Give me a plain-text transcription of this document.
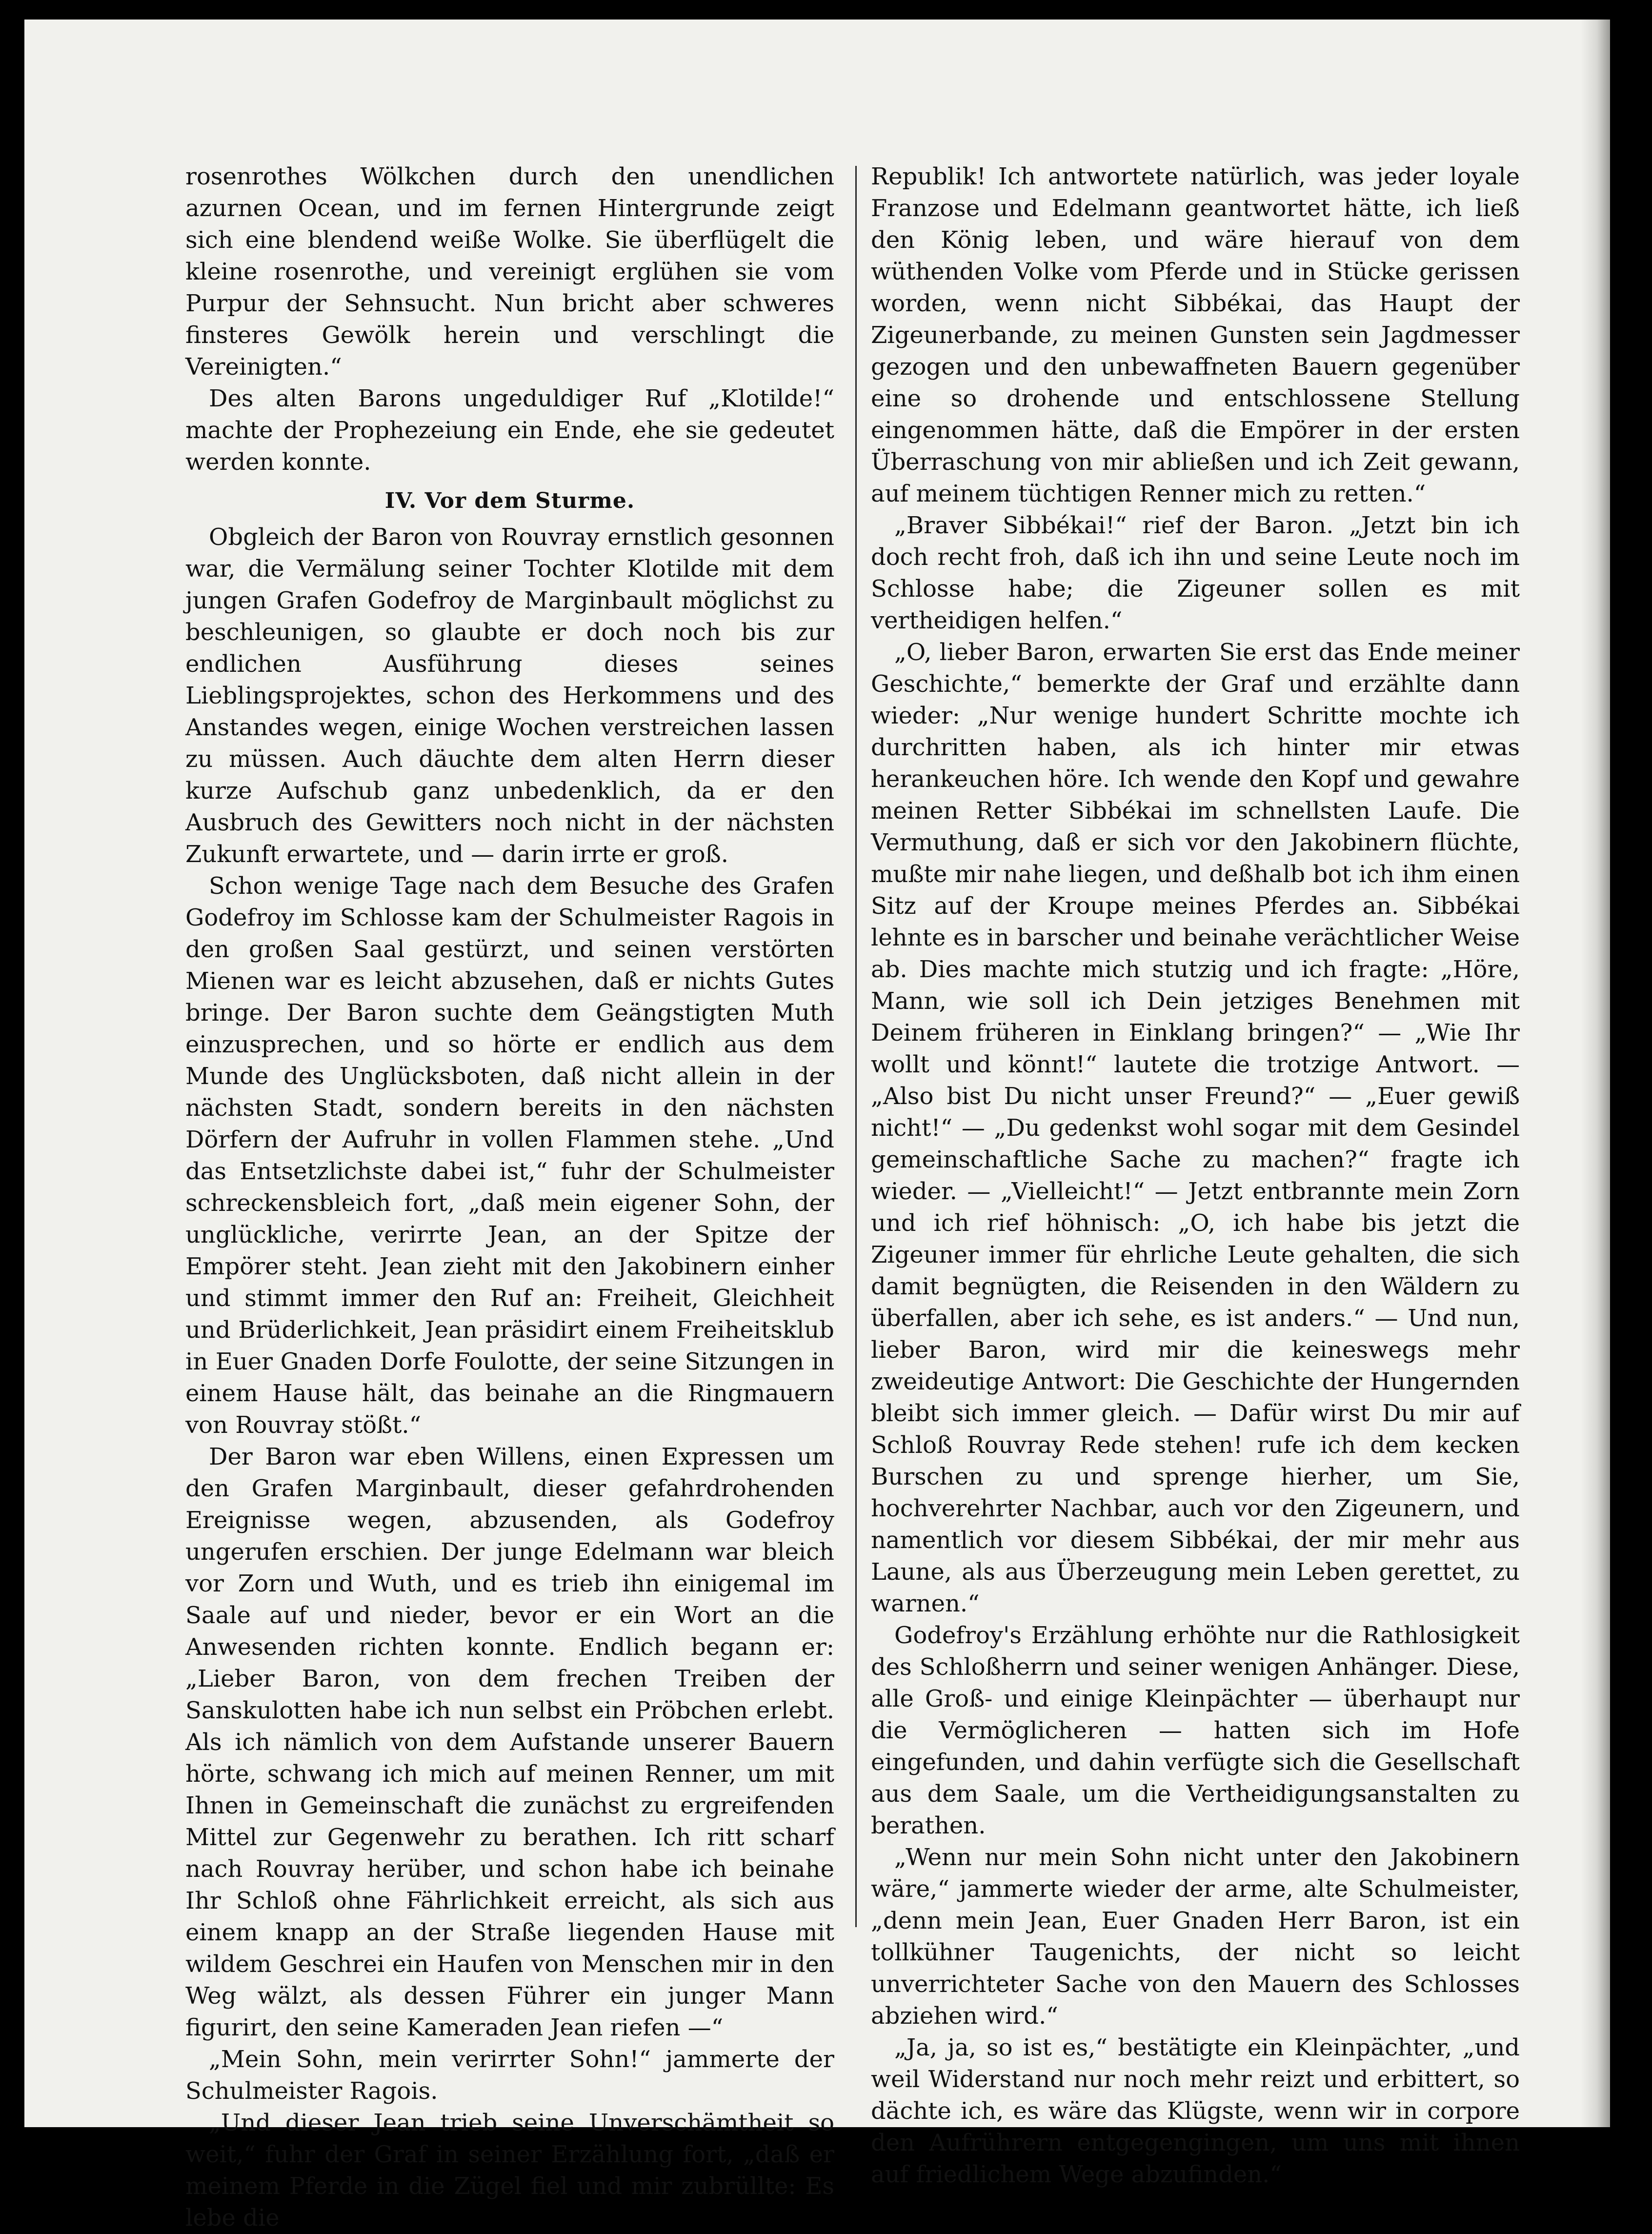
rosenrothes Wölkchen durch den unendlichen azurnen Ocean, und im fernen Hintergrunde zeigt sich eine blendend weiße Wolke. Sie überflügelt die kleine rosenrothe, und vereinigt erglühen sie vom Purpur der Sehnsucht. Nun bricht aber schweres finsteres Gewölk herein und verschlingt die Vereinigten.“

Des alten Barons ungeduldiger Ruf „Klotilde!“ machte der Prophezeiung ein Ende, ehe sie gedeutet werden konnte.

IV. Vor dem Sturme.

Obgleich der Baron von Rouvray ernstlich gesonnen war, die Vermälung seiner Tochter Klotilde mit dem jungen Grafen Godefroy de Marginbault möglichst zu beschleunigen, so glaubte er doch noch bis zur endlichen Ausführung dieses seines Lieblingsprojektes, schon des Herkommens und des Anstandes wegen, einige Wochen verstreichen lassen zu müssen. Auch däuchte dem alten Herrn dieser kurze Aufschub ganz unbedenklich, da er den Ausbruch des Gewitters noch nicht in der nächsten Zukunft erwartete, und — darin irrte er groß.

Schon wenige Tage nach dem Besuche des Grafen Godefroy im Schlosse kam der Schulmeister Ragois in den großen Saal gestürzt, und seinen verstörten Mienen war es leicht abzusehen, daß er nichts Gutes bringe. Der Baron suchte dem Geängstigten Muth einzusprechen, und so hörte er endlich aus dem Munde des Unglücksboten, daß nicht allein in der nächsten Stadt, sondern bereits in den nächsten Dörfern der Aufruhr in vollen Flammen stehe. „Und das Entsetzlichste dabei ist,“ fuhr der Schulmeister schreckensbleich fort, „daß mein eigener Sohn, der unglückliche, verirrte Jean, an der Spitze der Empörer steht. Jean zieht mit den Jakobinern einher und stimmt immer den Ruf an: Freiheit, Gleichheit und Brüderlichkeit, Jean präsidirt einem Freiheitsklub in Euer Gnaden Dorfe Foulotte, der seine Sitzungen in einem Hause hält, das beinahe an die Ringmauern von Rouvray stößt.“

Der Baron war eben Willens, einen Expressen um den Grafen Marginbault, dieser gefahrdrohenden Ereignisse wegen, abzusenden, als Godefroy ungerufen erschien. Der junge Edelmann war bleich vor Zorn und Wuth, und es trieb ihn einigemal im Saale auf und nieder, bevor er ein Wort an die Anwesenden richten konnte. Endlich begann er: „Lieber Baron, von dem frechen Treiben der Sanskulotten habe ich nun selbst ein Pröbchen erlebt. Als ich nämlich von dem Aufstande unserer Bauern hörte, schwang ich mich auf meinen Renner, um mit Ihnen in Gemeinschaft die zunächst zu ergreifenden Mittel zur Gegenwehr zu berathen. Ich ritt scharf nach Rouvray herüber, und schon habe ich beinahe Ihr Schloß ohne Fährlichkeit erreicht, als sich aus einem knapp an der Straße liegenden Hause mit wildem Geschrei ein Haufen von Menschen mir in den Weg wälzt, als dessen Führer ein junger Mann figurirt, den seine Kameraden Jean riefen —“

„Mein Sohn, mein verirrter Sohn!“ jammerte der Schulmeister Ragois.

„Und dieser Jean trieb seine Unverschämtheit so weit,“ fuhr der Graf in seiner Erzählung fort, „daß er meinem Pferde in die Zügel fiel und mir zubrüllte: Es lebe die

Republik! Ich antwortete natürlich, was jeder loyale Franzose und Edelmann geantwortet hätte, ich ließ den König leben, und wäre hierauf von dem wüthenden Volke vom Pferde und in Stücke gerissen worden, wenn nicht Sibbékai, das Haupt der Zigeunerbande, zu meinen Gunsten sein Jagdmesser gezogen und den unbewaffneten Bauern gegenüber eine so drohende und entschlossene Stellung eingenommen hätte, daß die Empörer in der ersten Überraschung von mir abließen und ich Zeit gewann, auf meinem tüchtigen Renner mich zu retten.“

„Braver Sibbékai!“ rief der Baron. „Jetzt bin ich doch recht froh, daß ich ihn und seine Leute noch im Schlosse habe; die Zigeuner sollen es mit vertheidigen helfen.“

„O, lieber Baron, erwarten Sie erst das Ende meiner Geschichte,“ bemerkte der Graf und erzählte dann wieder: „Nur wenige hundert Schritte mochte ich durchritten haben, als ich hinter mir etwas herankeuchen höre. Ich wende den Kopf und gewahre meinen Retter Sibbékai im schnellsten Laufe. Die Vermuthung, daß er sich vor den Jakobinern flüchte, mußte mir nahe liegen, und deßhalb bot ich ihm einen Sitz auf der Kroupe meines Pferdes an. Sibbékai lehnte es in barscher und beinahe verächtlicher Weise ab. Dies machte mich stutzig und ich fragte: „Höre, Mann, wie soll ich Dein jetziges Benehmen mit Deinem früheren in Einklang bringen?“ — „Wie Ihr wollt und könnt!“ lautete die trotzige Antwort. — „Also bist Du nicht unser Freund?“ — „Euer gewiß nicht!“ — „Du gedenkst wohl sogar mit dem Gesindel gemeinschaftliche Sache zu machen?“ fragte ich wieder. — „Vielleicht!“ — Jetzt entbrannte mein Zorn und ich rief höhnisch: „O, ich habe bis jetzt die Zigeuner immer für ehrliche Leute gehalten, die sich damit begnügten, die Reisenden in den Wäldern zu überfallen, aber ich sehe, es ist anders.“ — Und nun, lieber Baron, wird mir die keineswegs mehr zweideutige Antwort: Die Geschichte der Hungernden bleibt sich immer gleich. — Dafür wirst Du mir auf Schloß Rouvray Rede stehen! rufe ich dem kecken Burschen zu und sprenge hierher, um Sie, hochverehrter Nachbar, auch vor den Zigeunern, und namentlich vor diesem Sibbékai, der mir mehr aus Laune, als aus Überzeugung mein Leben gerettet, zu warnen.“

Godefroy's Erzählung erhöhte nur die Rathlosigkeit des Schloßherrn und seiner wenigen Anhänger. Diese, alle Groß- und einige Kleinpächter — überhaupt nur die Vermöglicheren — hatten sich im Hofe eingefunden, und dahin verfügte sich die Gesellschaft aus dem Saale, um die Vertheidigungsanstalten zu berathen.

„Wenn nur mein Sohn nicht unter den Jakobinern wäre,“ jammerte wieder der arme, alte Schulmeister, „denn mein Jean, Euer Gnaden Herr Baron, ist ein tollkühner Taugenichts, der nicht so leicht unverrichteter Sache von den Mauern des Schlosses abziehen wird.“

„Ja, ja, so ist es,“ bestätigte ein Kleinpächter, „und weil Widerstand nur noch mehr reizt und erbittert, so dächte ich, es wäre das Klügste, wenn wir in corpore den Aufrührern entgegengingen, um uns mit ihnen auf friedlichem Wege abzufinden.“
